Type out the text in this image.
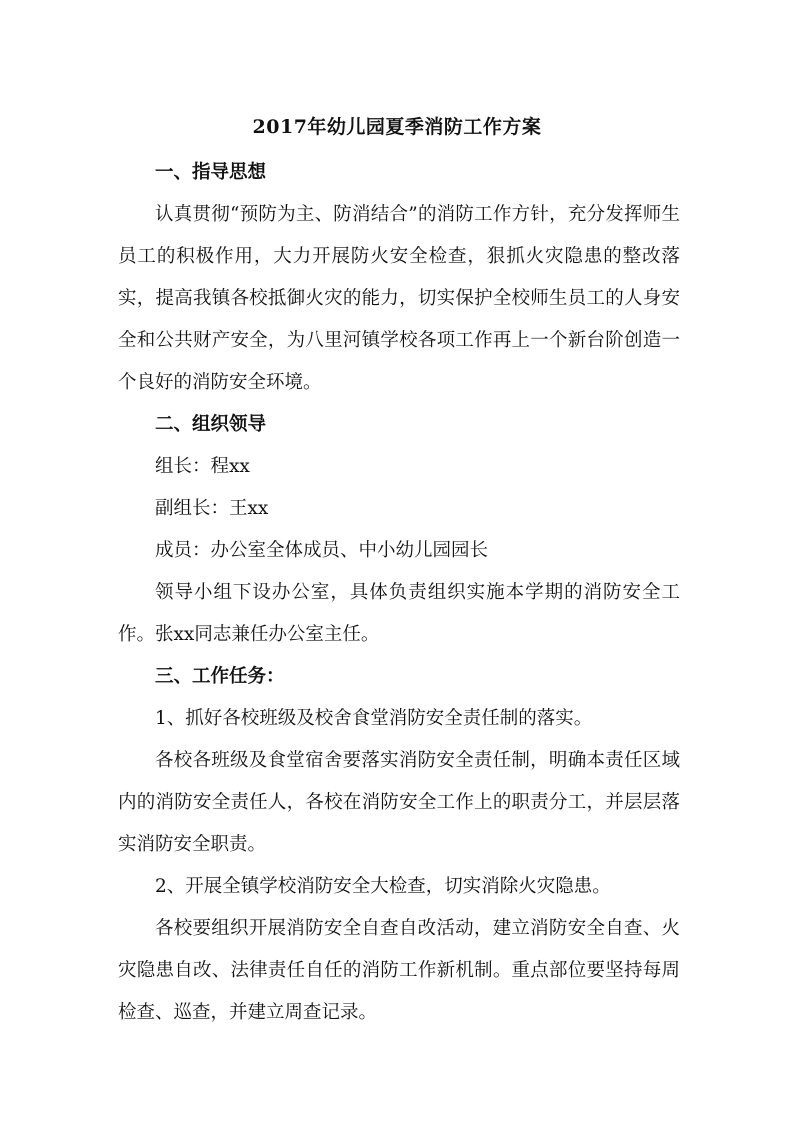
2017年幼儿园夏季消防工作方案

一、指导思想

认真贯彻“预防为主、防消结合”的消防工作方针，充分发挥师生员工的积极作用，大力开展防火安全检查，狠抓火灾隐患的整改落实，提高我镇各校抵御火灾的能力，切实保护全校师生员工的人身安全和公共财产安全，为八里河镇学校各项工作再上一个新台阶创造一个良好的消防安全环境。

二、组织领导

组长：程xx

副组长：王xx

成员：办公室全体成员、中小幼儿园园长

领导小组下设办公室，具体负责组织实施本学期的消防安全工作。张xx同志兼任办公室主任。

三、工作任务：

1、抓好各校班级及校舍食堂消防安全责任制的落实。

各校各班级及食堂宿舍要落实消防安全责任制，明确本责任区域内的消防安全责任人，各校在消防安全工作上的职责分工，并层层落实消防安全职责。

2、开展全镇学校消防安全大检查，切实消除火灾隐患。

各校要组织开展消防安全自查自改活动，建立消防安全自查、火灾隐患自改、法律责任自任的消防工作新机制。重点部位要坚持每周检查、巡查，并建立周查记录。
